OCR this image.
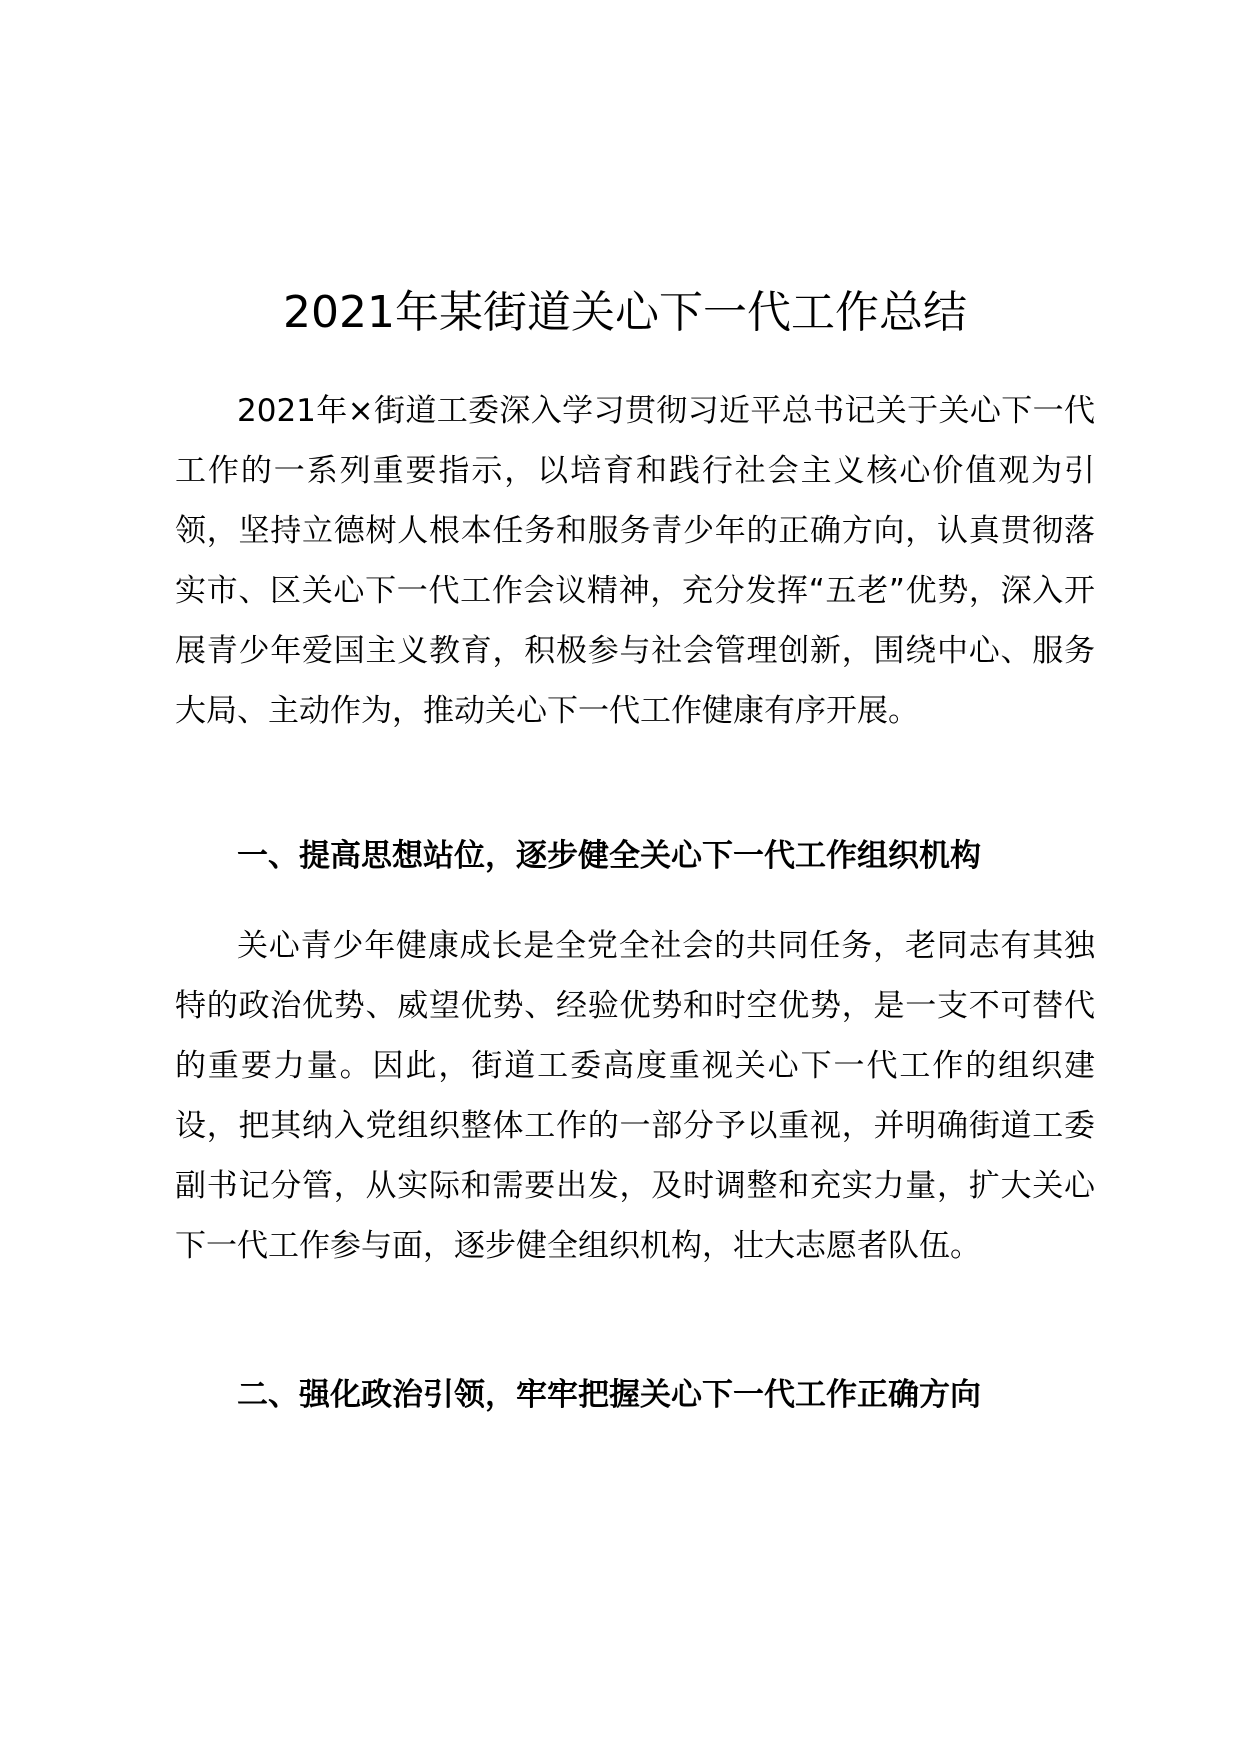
2021年某街道关心下一代工作总结

2021年×街道工委深入学习贯彻习近平总书记关于关心下一代工作的一系列重要指示，以培育和践行社会主义核心价值观为引领，坚持立德树人根本任务和服务青少年的正确方向，认真贯彻落实市、区关心下一代工作会议精神，充分发挥“五老”优势，深入开展青少年爱国主义教育，积极参与社会管理创新，围绕中心、服务大局、主动作为，推动关心下一代工作健康有序开展。

一、提高思想站位，逐步健全关心下一代工作组织机构

关心青少年健康成长是全党全社会的共同任务，老同志有其独特的政治优势、威望优势、经验优势和时空优势，是一支不可替代的重要力量。因此，街道工委高度重视关心下一代工作的组织建设，把其纳入党组织整体工作的一部分予以重视，并明确街道工委副书记分管，从实际和需要出发，及时调整和充实力量，扩大关心下一代工作参与面，逐步健全组织机构，壮大志愿者队伍。

二、强化政治引领，牢牢把握关心下一代工作正确方向
